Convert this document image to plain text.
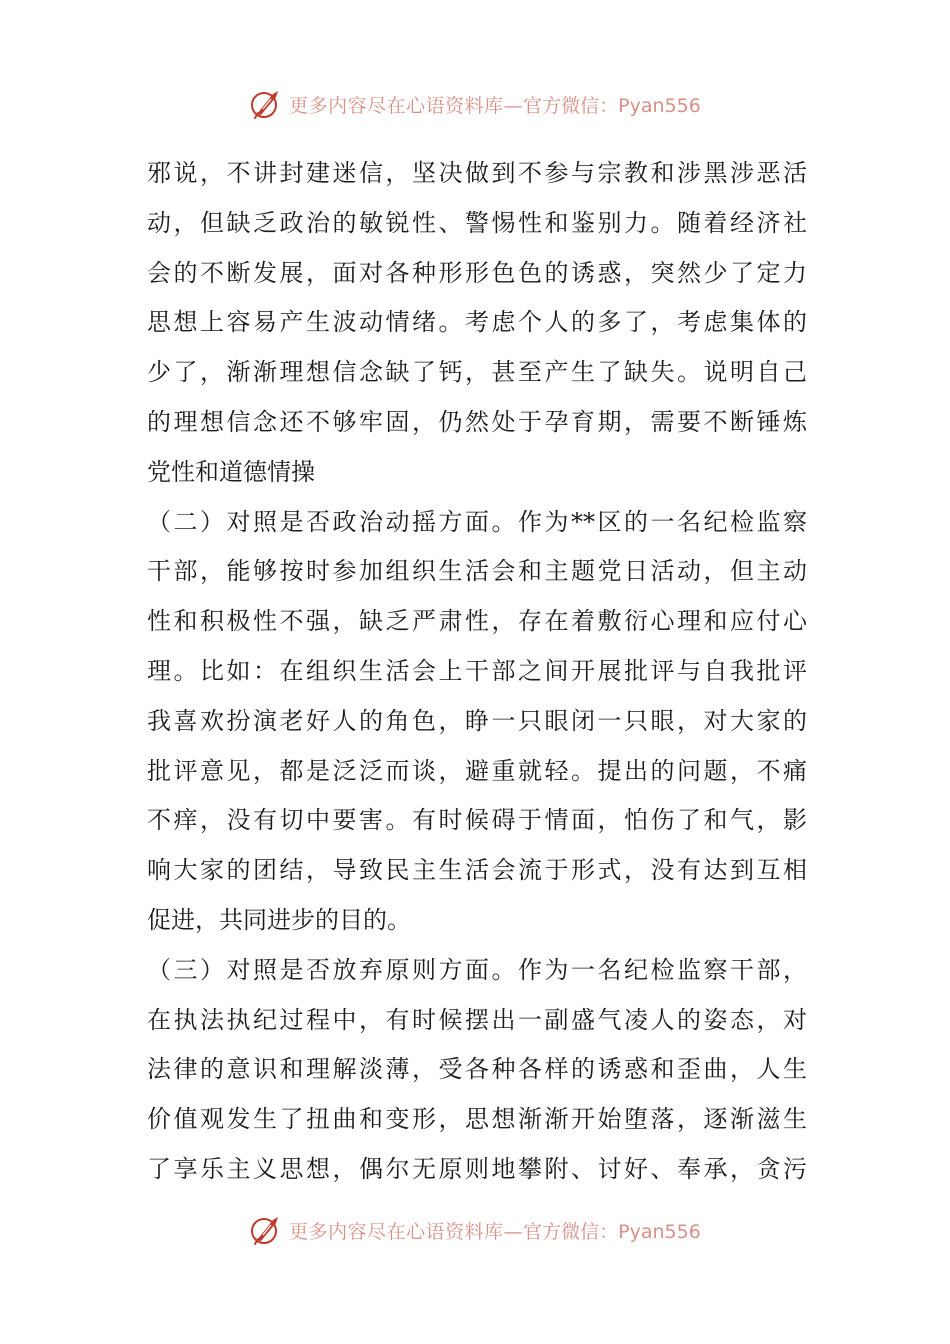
更多内容尽在心语资料库— 官方微信：Pyan556
邪说，不讲封建迷信，坚决做到不参与宗教和涉黑涉恶活
动，但缺乏政治的敏锐性、警惕性和鉴别力。随着经济社
会的不断发展，面对各种形形色色的诱惑，突然少了定力
思想上容易产生波动情绪。考虑个人的多了，考虑集体的
少了，渐渐理想信念缺了钙，甚至产生了缺失。说明自己
的理想信念还不够牢固，仍然处于孕育期，需要不断锤炼
党性和道德情操
（二）对照是否政治动摇方面。作为**区的一名纪检监察
干部，能够按时参加组织生活会和主题党日活动，但主动
性和积极性不强，缺乏严肃性，存在着敷衍心理和应付心
理。比如：在组织生活会上干部之间开展批评与自我批评
我喜欢扮演老好人的角色，睁一只眼闭一只眼，对大家的
批评意见，都是泛泛而谈，避重就轻。提出的问题，不痛
不痒，没有切中要害。有时候碍于情面，怕伤了和气，影
响大家的团结，导致民主生活会流于形式，没有达到互相
促进，共同进步的目的。
（三）对照是否放弃原则方面。作为一名纪检监察干部，
在执法执纪过程中，有时候摆出一副盛气凌人的姿态，对
法律的意识和理解淡薄，受各种各样的诱惑和歪曲，人生
价值观发生了扭曲和变形，思想渐渐开始堕落，逐渐滋生
了享乐主义思想，偶尔无原则地攀附、讨好、奉承，贪污
更多内容尽在心语资料库— 官方微信：Pyan556
